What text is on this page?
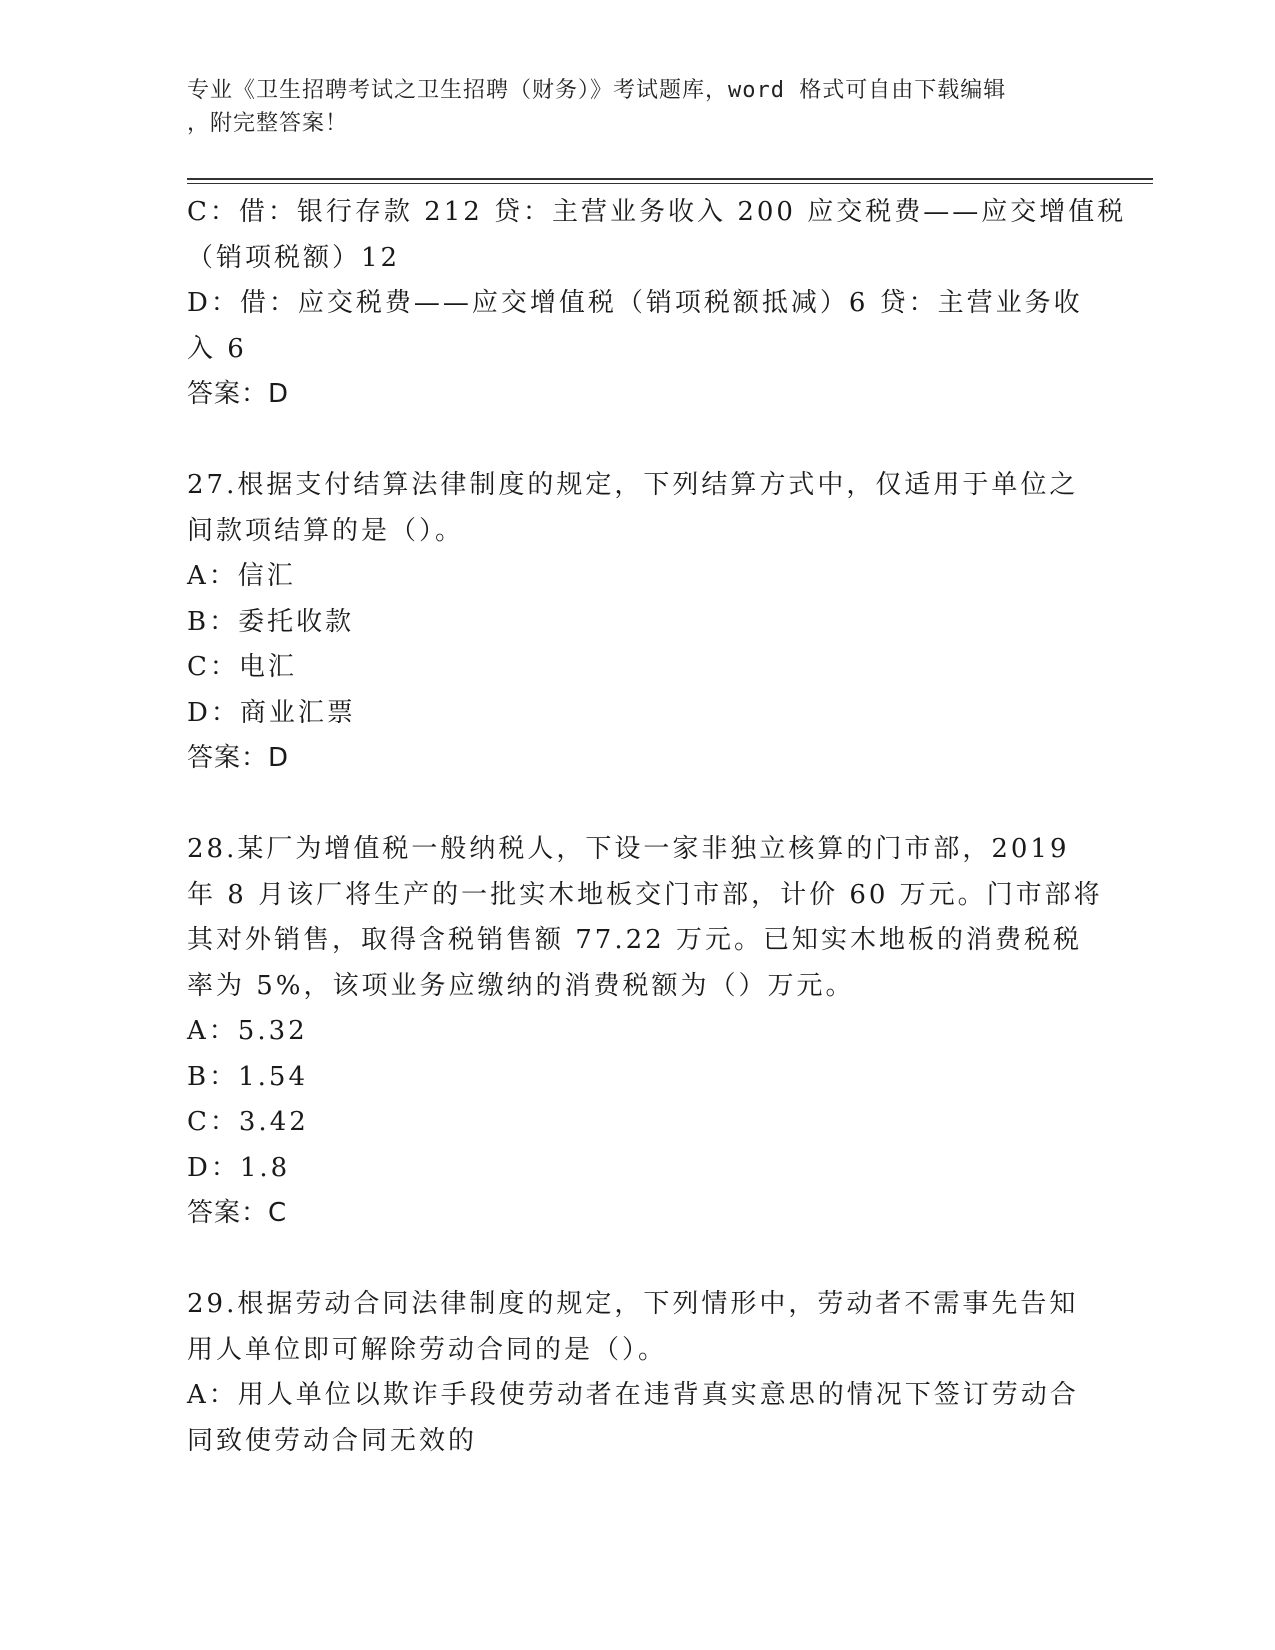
专业《卫生招聘考试之卫生招聘（财务）》考试题库，word 格式可自由下载编辑
，附完整答案！
C：借：银行存款 212 贷：主营业务收入 200 应交税费——应交增值税
（销项税额）12
D：借：应交税费——应交增值税（销项税额抵减）6 贷：主营业务收
入 6
答案：D
27.根据支付结算法律制度的规定，下列结算方式中，仅适用于单位之
间款项结算的是（）。
A：信汇
B：委托收款
C：电汇
D：商业汇票
答案：D
28.某厂为增值税一般纳税人，下设一家非独立核算的门市部，2019
年 8 月该厂将生产的一批实木地板交门市部，计价 60 万元。门市部将
其对外销售，取得含税销售额 77.22 万元。已知实木地板的消费税税
率为 5%，该项业务应缴纳的消费税额为（）万元。
A：5.32
B：1.54
C：3.42
D：1.8
答案：C
29.根据劳动合同法律制度的规定，下列情形中，劳动者不需事先告知
用人单位即可解除劳动合同的是（）。
A：用人单位以欺诈手段使劳动者在违背真实意思的情况下签订劳动合
同致使劳动合同无效的
